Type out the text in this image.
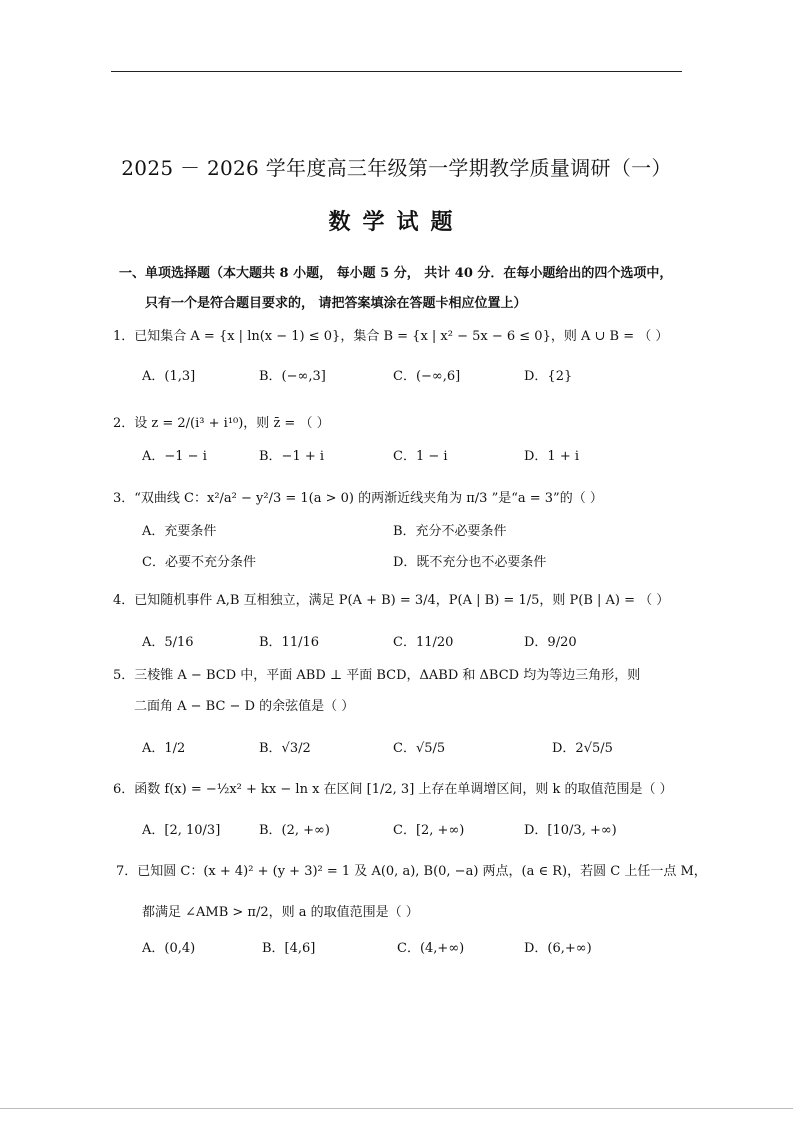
2025 － 2026 学年度高三年级第一学期教学质量调研（一）
数学试题
一、单项选择题（本大题共 8 小题， 每小题 5 分， 共计 40 分．在每小题给出的四个选项中，
只有一个是符合题目要求的， 请把答案填涂在答题卡相应位置上）
1．已知集合 A = {x | ln(x − 1) ≤ 0}，集合 B = {x | x² − 5x − 6 ≤ 0}，则 A ∪ B = （ ）
A．(1,3]	B．(−∞,3]	C．(−∞,6]	D．{2}
2．设 z = 2/(i³ + i¹⁰)，则 z̄ = （ ）
A．−1 − i	B．−1 + i	C．1 − i	D．1 + i
3．“双曲线 C：x²/a² − y²/3 = 1(a > 0) 的两渐近线夹角为 π/3 ”是“a = 3”的（ ）
A．充要条件	B．充分不必要条件
C．必要不充分条件	D．既不充分也不必要条件
4．已知随机事件 A,B 互相独立，满足 P(A + B) = 3/4，P(A | B) = 1/5，则 P(B | A) = （ ）
A．5/16	B．11/16	C．11/20	D．9/20
5．三棱锥 A − BCD 中，平面 ABD ⊥ 平面 BCD，ΔABD 和 ΔBCD 均为等边三角形，则
二面角 A − BC − D 的余弦值是（ ）
A．1/2	B．√3/2	C．√5/5	D．2√5/5
6．函数 f(x) = −½x² + kx − ln x 在区间 [1/2, 3] 上存在单调增区间，则 k 的取值范围是（ ）
A．[2, 10/3]	B．(2, +∞)	C．[2, +∞)	D．[10/3, +∞)
7．已知圆 C：(x + 4)² + (y + 3)² = 1 及 A(0, a), B(0, −a) 两点，(a ∈ R)，若圆 C 上任一点 M，
都满足 ∠AMB > π/2，则 a 的取值范围是（ ）
A．(0,4)	B．[4,6]	C．(4,+∞)	D．(6,+∞)
